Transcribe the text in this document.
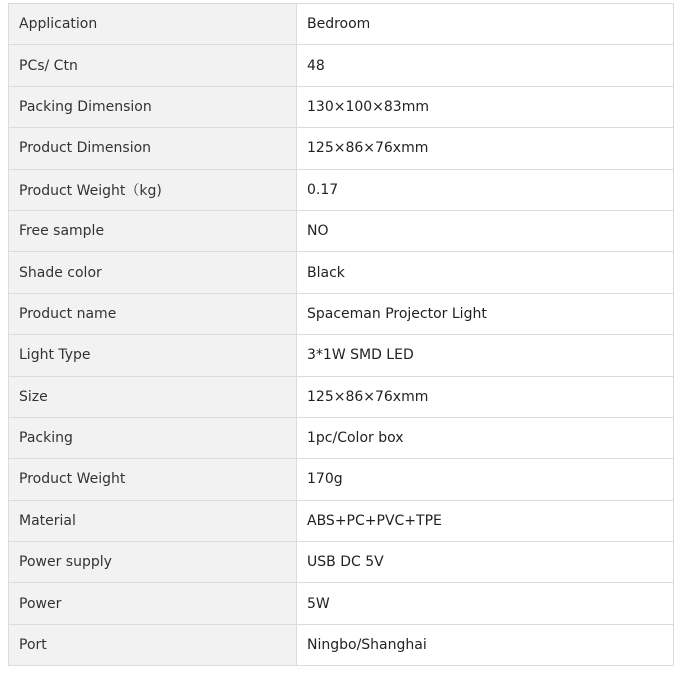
Application	Bedroom
PCs/ Ctn	48
Packing Dimension	130×100×83mm
Product Dimension	125×86×76xmm
Product Weight（kg)	0.17
Free sample	NO
Shade color	Black
Product name	Spaceman Projector Light
Light Type	3*1W SMD LED
Size	125×86×76xmm
Packing	1pc/Color box
Product Weight	170g
Material	ABS+PC+PVC+TPE
Power supply	USB DC 5V
Power	5W
Port	Ningbo/Shanghai
